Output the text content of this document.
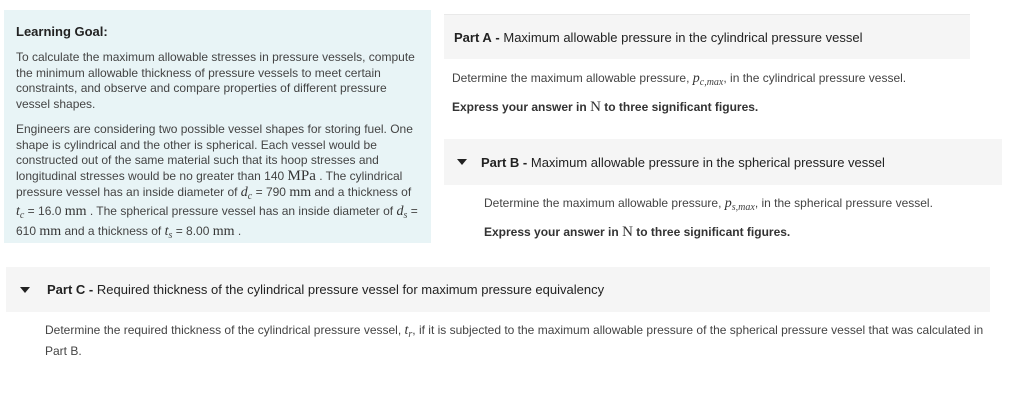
Learning Goal:

To calculate the maximum allowable stresses in pressure vessels, compute the minimum allowable thickness of pressure vessels to meet certain constraints, and observe and compare properties of different pressure vessel shapes.

Engineers are considering two possible vessel shapes for storing fuel. One shape is cylindrical and the other is spherical. Each vessel would be constructed out of the same material such that its hoop stresses and longitudinal stresses would be no greater than 140 MPa . The cylindrical pressure vessel has an inside diameter of $d_c = 790$ mm and a thickness of $t_c = 16.0$ mm . The spherical pressure vessel has an inside diameter of $d_s = 610$ mm and a thickness of $t_s = 8.00$ mm .

Part A - Maximum allowable pressure in the cylindrical pressure vessel
Determine the maximum allowable pressure, $p_{c,max}$, in the cylindrical pressure vessel.
Express your answer in N to three significant figures.
Part B - Maximum allowable pressure in the spherical pressure vessel
Determine the maximum allowable pressure, $p_{s,max}$, in the spherical pressure vessel.
Express your answer in N to three significant figures.
Part C - Required thickness of the cylindrical pressure vessel for maximum pressure equivalency
Determine the required thickness of the cylindrical pressure vessel, $t_r$, if it is subjected to the maximum allowable pressure of the spherical pressure vessel that was calculated in Part B.
